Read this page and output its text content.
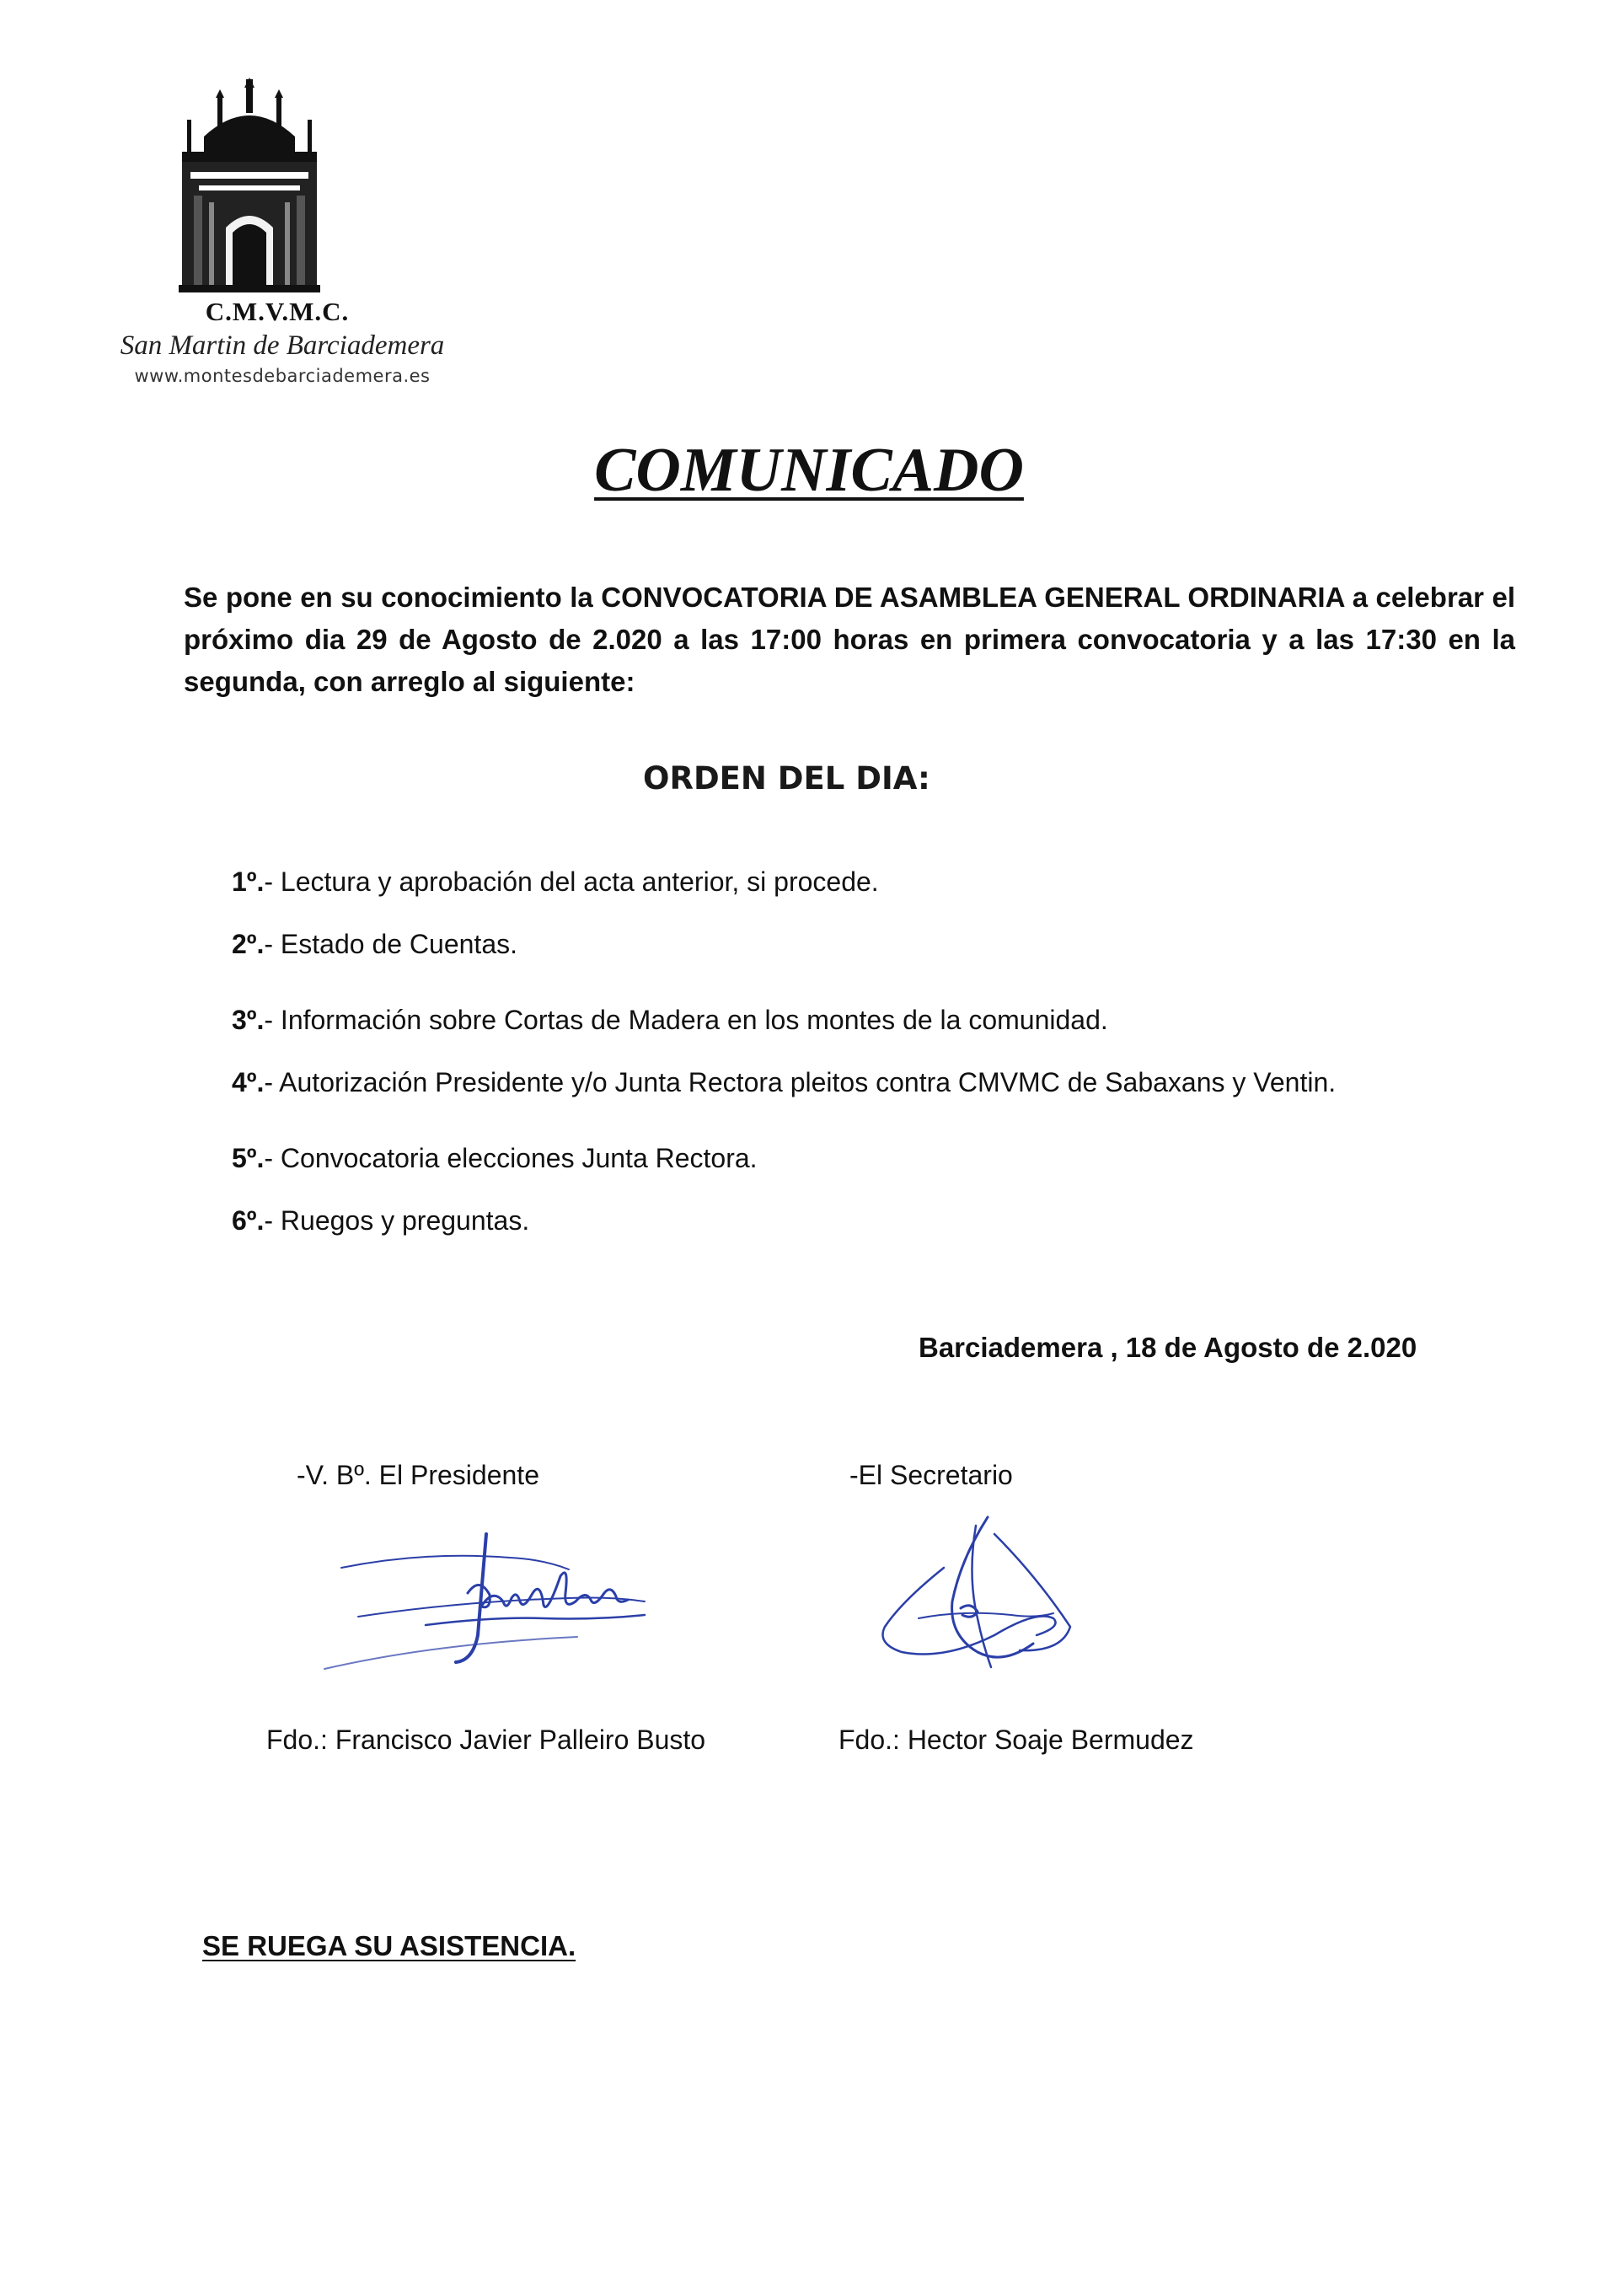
C.M.V.M.C.
San Martin de Barciademera
www.montesdebarciademera.es
COMUNICADO
Se pone en su conocimiento la CONVOCATORIA DE ASAMBLEA GENERAL ORDINARIA a celebrar el
próximo dia 29 de Agosto de 2.020 a las 17:00 horas en primera convocatoria y a las 17:30 en la
segunda, con arreglo al siguiente:
ORDEN DEL DIA:
1º.- Lectura y aprobación del acta anterior, si procede.
2º.- Estado de Cuentas.
3º.- Información sobre Cortas de Madera en los montes de la comunidad.
4º.- Autorización Presidente y/o Junta Rectora pleitos contra CMVMC de Sabaxans y Ventin.
5º.- Convocatoria elecciones Junta Rectora.
6º.- Ruegos y preguntas.
Barciademera , 18 de Agosto de 2.020
-V. Bº. El Presidente	-El Secretario
Fdo.: Francisco Javier Palleiro Busto	Fdo.: Hector Soaje Bermudez
SE RUEGA SU ASISTENCIA.
